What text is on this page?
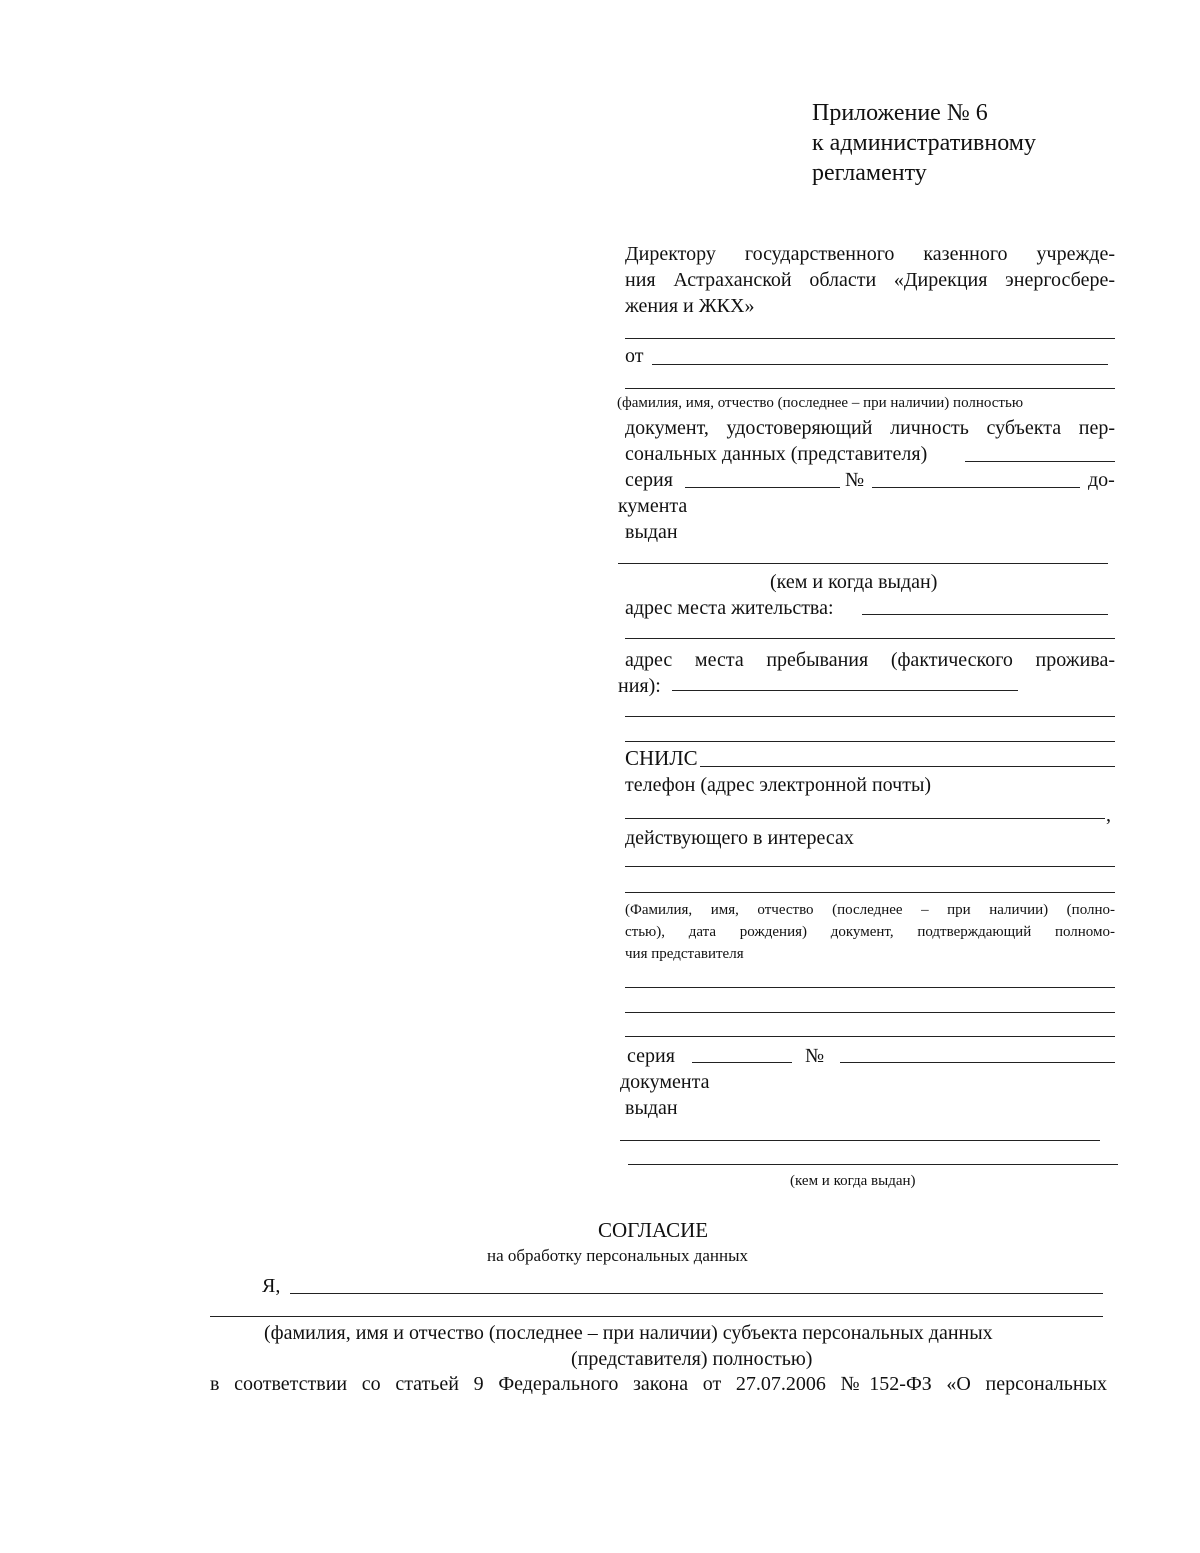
Приложение № 6
к административному
регламенту
Директору государственного казенного учрежде-
ния Астраханской области «Дирекция энергосбере-
жения и ЖКХ»
от
(фамилия, имя, отчество (последнее – при наличии) полностью
документ, удостоверяющий личность субъекта пер-
сональных данных (представителя)
серия	№	до-
кумента
выдан
(кем и когда выдан)
адрес места жительства:
адрес места пребывания (фактического прожива-
ния):
СНИЛС
телефон (адрес электронной почты)
,
действующего в интересах
(Фамилия, имя, отчество (последнее – при наличии) (полно-
стью), дата рождения) документ, подтверждающий полномо-
чия представителя
серия	№
документа
выдан
(кем и когда выдан)
СОГЛАСИЕ
на обработку персональных данных
Я,
(фамилия, имя и отчество (последнее – при наличии) субъекта персональных данных
(представителя) полностью)
в соответствии со статьей 9 Федерального закона от 27.07.2006 №152-ФЗ «О персональных
